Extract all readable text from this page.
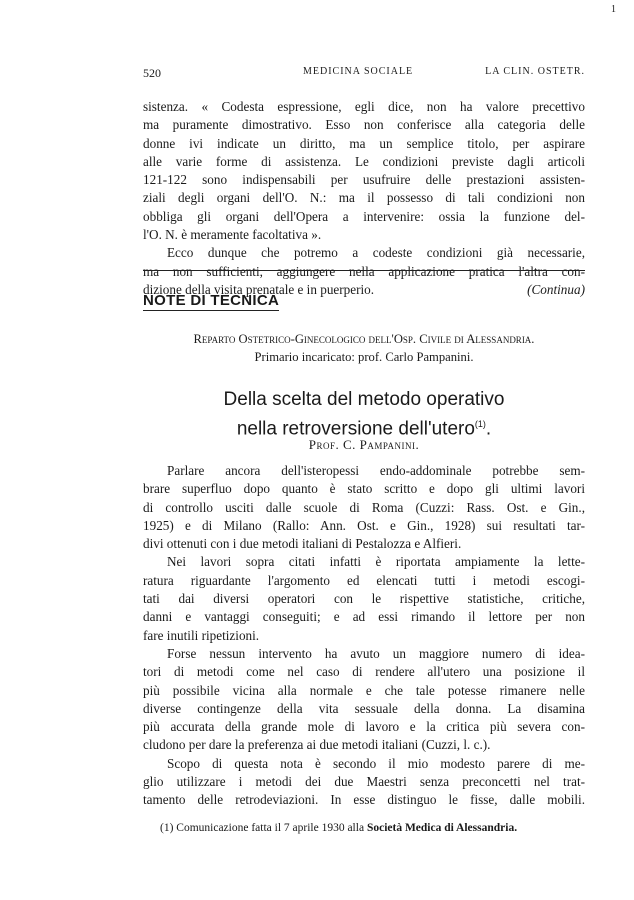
1
520	MEDICINA SOCIALE	LA CLIN. OSTETR.
sistenza. « Codesta espressione, egli dice, non ha valore precettivo
ma puramente dimostrativo. Esso non conferisce alla categoria delle
donne ivi indicate un diritto, ma un semplice titolo, per aspirare
alle varie forme di assistenza. Le condizioni previste dagli articoli
121-122 sono indispensabili per usufruire delle prestazioni assisten-
ziali degli organi dell'O. N.: ma il possesso di tali condizioni non
obbliga gli organi dell'Opera a intervenire: ossia la funzione del-
l'O. N. è meramente facoltativa ».
Ecco dunque che potremo a codeste condizioni già necessarie,
ma non sufficienti, aggiungere nella applicazione pratica l'altra con-
dizione della visita prenatale e in puerperio.	(Continua)
NOTE DI TECNICA
Reparto Ostetrico-Ginecologico dell'Osp. Civile di Alessandria.
Primario incaricato: prof. Carlo Pampanini.
Della scelta del metodo operativo
nella retroversione dell'utero$^{(1)}$.
Prof. C. Pampanini.
Parlare ancora dell'isteropessi endo-addominale potrebbe sem-
brare superfluo dopo quanto è stato scritto e dopo gli ultimi lavori
di controllo usciti dalle scuole di Roma (Cuzzi: Rass. Ost. e Gin.,
1925) e di Milano (Rallo: Ann. Ost. e Gin., 1928) sui resultati tar-
divi ottenuti con i due metodi italiani di Pestalozza e Alfieri.
Nei lavori sopra citati infatti è riportata ampiamente la lette-
ratura riguardante l'argomento ed elencati tutti i metodi escogi-
tati dai diversi operatori con le rispettive statistiche, critiche,
danni e vantaggi conseguiti; e ad essi rimando il lettore per non
fare inutili ripetizioni.
Forse nessun intervento ha avuto un maggiore numero di idea-
tori di metodi come nel caso di rendere all'utero una posizione il
più possibile vicina alla normale e che tale potesse rimanere nelle
diverse contingenze della vita sessuale della donna. La disamina
più accurata della grande mole di lavoro e la critica più severa con-
cludono per dare la preferenza ai due metodi italiani (Cuzzi, l. c.).
Scopo di questa nota è secondo il mio modesto parere di me-
glio utilizzare i metodi dei due Maestri senza preconcetti nel trat-
tamento delle retrodeviazioni. In esse distinguo le fisse, dalle mobili.
(1) Comunicazione fatta il 7 aprile 1930 alla Società Medica di Alessandria.
